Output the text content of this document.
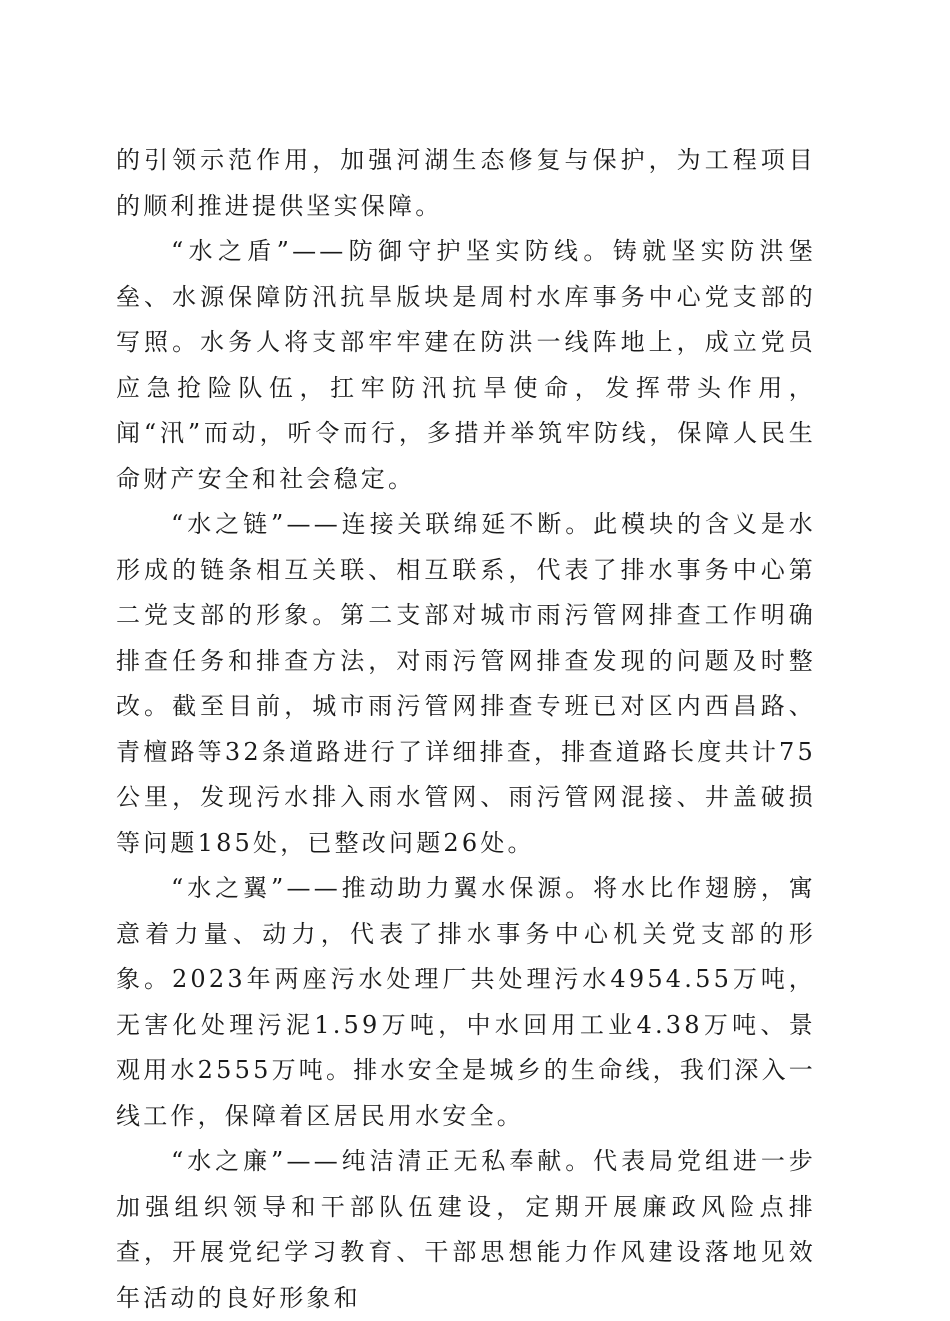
的引领示范作用，加强河湖生态修复与保护，为工程项目的顺利推进提供坚实保障。

“水之盾”——防御守护坚实防线。铸就坚实防洪堡垒、水源保障防汛抗旱版块是周村水库事务中心党支部的写照。水务人将支部牢牢建在防洪一线阵地上，成立党员应急抢险队伍，扛牢防汛抗旱使命，发挥带头作用，闻“汛”而动，听令而行，多措并举筑牢防线，保障人民生命财产安全和社会稳定。

“水之链”——连接关联绵延不断。此模块的含义是水形成的链条相互关联、相互联系，代表了排水事务中心第二党支部的形象。第二支部对城市雨污管网排查工作明确排查任务和排查方法，对雨污管网排查发现的问题及时整改。截至目前，城市雨污管网排查专班已对区内西昌路、青檀路等32条道路进行了详细排查，排查道路长度共计75公里，发现污水排入雨水管网、雨污管网混接、井盖破损等问题185处，已整改问题26处。

“水之翼”——推动助力翼水保源。将水比作翅膀，寓意着力量、动力，代表了排水事务中心机关党支部的形象。2023年两座污水处理厂共处理污水4954.55万吨，无害化处理污泥1.59万吨，中水回用工业4.38万吨、景观用水2555万吨。排水安全是城乡的生命线，我们深入一线工作，保障着区居民用水安全。

“水之廉”——纯洁清正无私奉献。代表局党组进一步加强组织领导和干部队伍建设，定期开展廉政风险点排查，开展党纪学习教育、干部思想能力作风建设落地见效年活动的良好形象和
